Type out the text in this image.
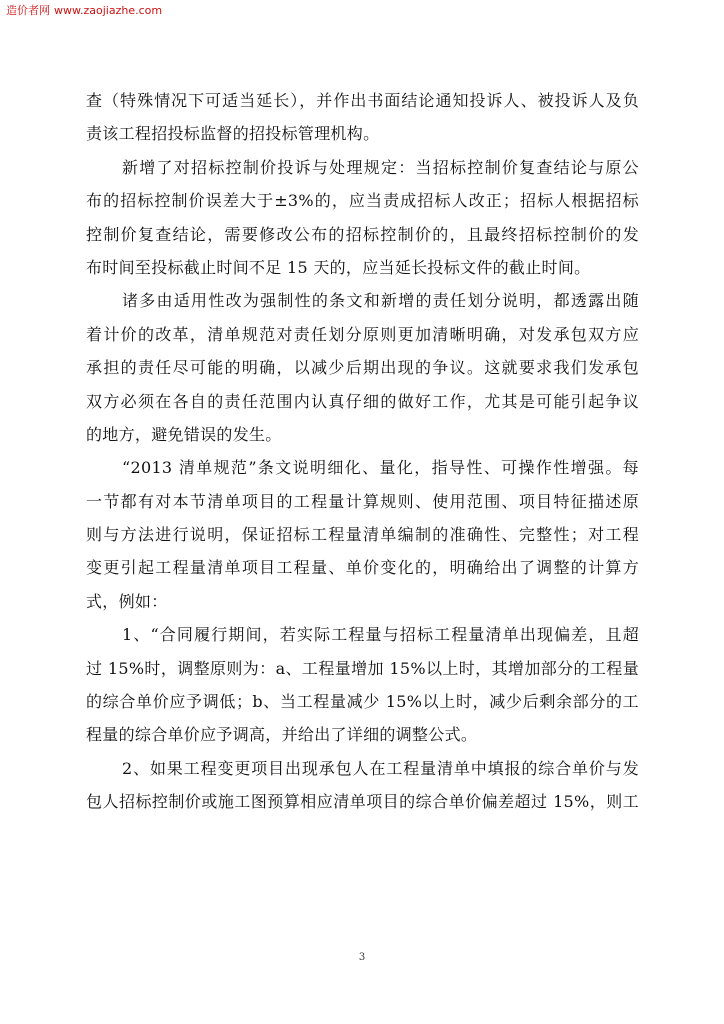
造价者网 www.zaojiazhe.com
查（特殊情况下可适当延长），并作出书面结论通知投诉人、被投诉人及负
责该工程招投标监督的招投标管理机构。
新增了对招标控制价投诉与处理规定：当招标控制价复查结论与原公
布的招标控制价误差大于±3%的，应当责成招标人改正；招标人根据招标
控制价复查结论，需要修改公布的招标控制价的，且最终招标控制价的发
布时间至投标截止时间不足 15 天的，应当延长投标文件的截止时间。
诸多由适用性改为强制性的条文和新增的责任划分说明，都透露出随
着计价的改革，清单规范对责任划分原则更加清晰明确，对发承包双方应
承担的责任尽可能的明确，以减少后期出现的争议。这就要求我们发承包
双方必须在各自的责任范围内认真仔细的做好工作，尤其是可能引起争议
的地方，避免错误的发生。
“2013 清单规范”条文说明细化、量化，指导性、可操作性增强。每
一节都有对本节清单项目的工程量计算规则、使用范围、项目特征描述原
则与方法进行说明，保证招标工程量清单编制的准确性、完整性；对工程
变更引起工程量清单项目工程量、单价变化的，明确给出了调整的计算方
式，例如：
1、“合同履行期间，若实际工程量与招标工程量清单出现偏差，且超
过 15%时，调整原则为：a、工程量增加 15%以上时，其增加部分的工程量
的综合单价应予调低；b、当工程量减少 15%以上时，减少后剩余部分的工
程量的综合单价应予调高，并给出了详细的调整公式。
2、如果工程变更项目出现承包人在工程量清单中填报的综合单价与发
包人招标控制价或施工图预算相应清单项目的综合单价偏差超过 15%，则工
3
